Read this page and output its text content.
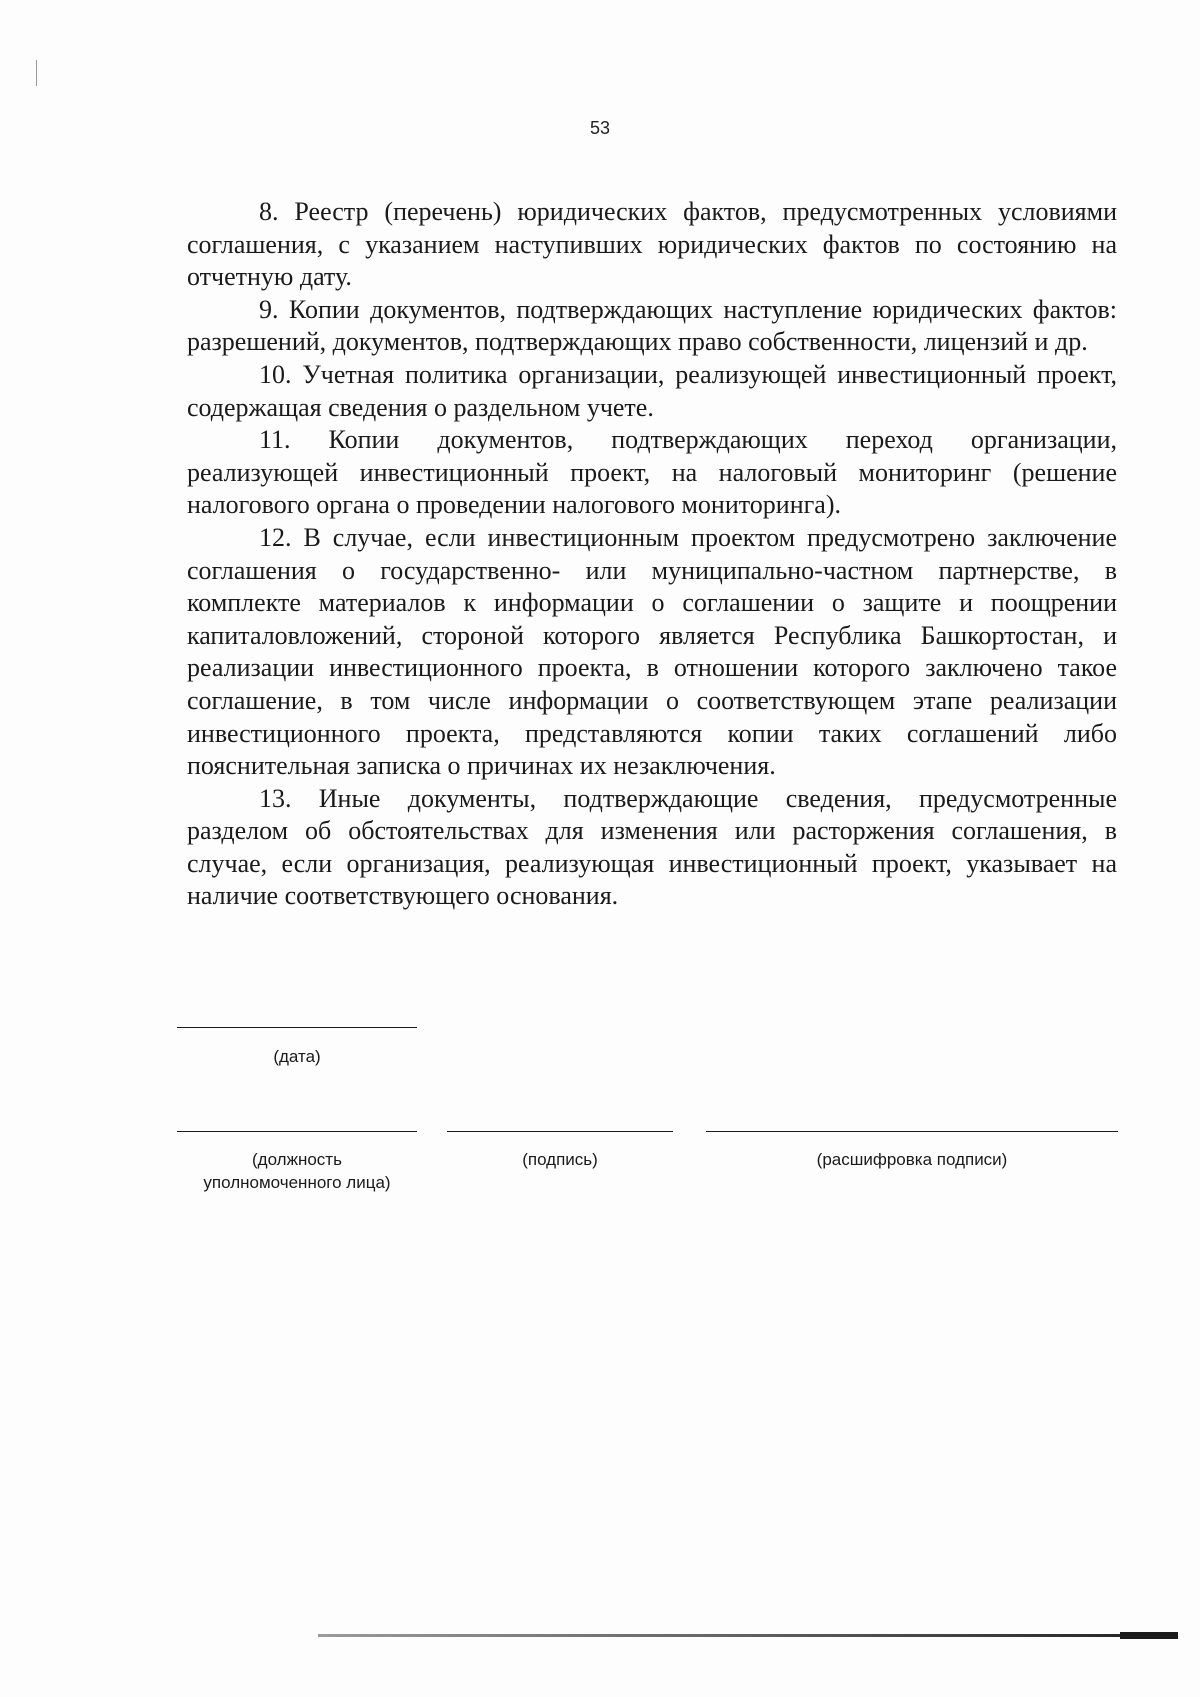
53

8. Реестр (перечень) юридических фактов, предусмотренных условиями соглашения, с указанием наступивших юридических фактов по состоянию на отчетную дату.

9. Копии документов, подтверждающих наступление юридических фактов: разрешений, документов, подтверждающих право собственности, лицензий и др.

10. Учетная политика организации, реализующей инвестиционный проект, содержащая сведения о раздельном учете.

11. Копии документов, подтверждающих переход организации, реализующей инвестиционный проект, на налоговый мониторинг (решение налогового органа о проведении налогового мониторинга).

12. В случае, если инвестиционным проектом предусмотрено заключение соглашения о государственно- или муниципально-частном партнерстве, в комплекте материалов к информации о соглашении о защите и поощрении капиталовложений, стороной которого является Республика Башкортостан, и реализации инвестиционного проекта, в отношении которого заключено такое соглашение, в том числе информации о соответствующем этапе реализации инвестиционного проекта, представляются копии таких соглашений либо пояснительная записка о причинах их незаключения.

13. Иные документы, подтверждающие сведения, предусмотренные разделом об обстоятельствах для изменения или расторжения соглашения, в случае, если организация, реализующая инвестиционный проект, указывает на наличие соответствующего основания.

(дата)
(должность
уполномоченного лица)
(подпись)	(расшифровка подписи)
